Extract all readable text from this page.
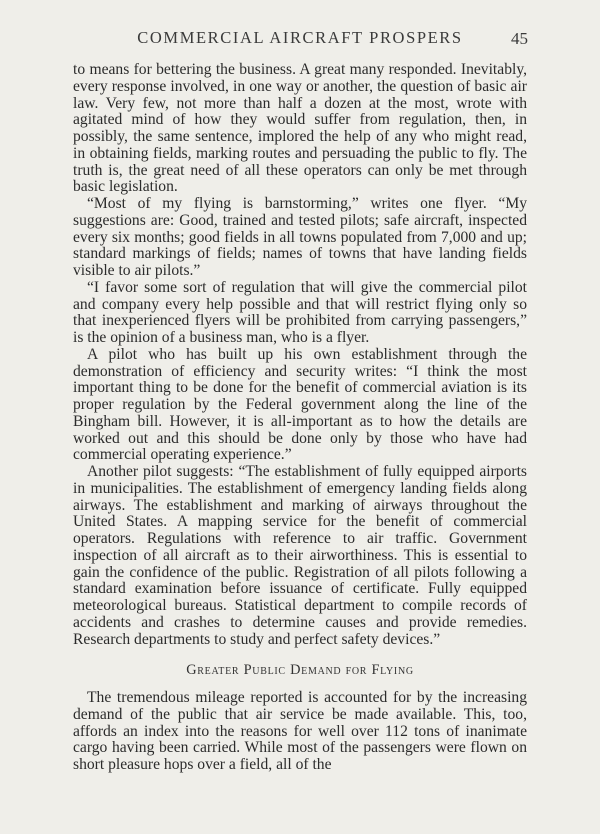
COMMERCIAL AIRCRAFT PROSPERS	45

to means for bettering the business. A great many responded. Inevitably, every response involved, in one way or another, the question of basic air law. Very few, not more than half a dozen at the most, wrote with agitated mind of how they would suffer from regulation, then, in possibly, the same sentence, implored the help of any who might read, in obtaining fields, marking routes and persuading the public to fly. The truth is, the great need of all these operators can only be met through basic legislation.

“Most of my flying is barnstorming,” writes one flyer. “My suggestions are: Good, trained and tested pilots; safe aircraft, inspected every six months; good fields in all towns populated from 7,000 and up; standard markings of fields; names of towns that have landing fields visible to air pilots.”

“I favor some sort of regulation that will give the commercial pilot and company every help possible and that will restrict flying only so that inexperienced flyers will be prohibited from carrying passengers,” is the opinion of a business man, who is a flyer.

A pilot who has built up his own establishment through the demonstration of efficiency and security writes: “I think the most important thing to be done for the benefit of commercial aviation is its proper regulation by the Federal government along the line of the Bingham bill. However, it is all-important as to how the details are worked out and this should be done only by those who have had commercial operating experience.”

Another pilot suggests: “The establishment of fully equipped airports in municipalities. The establishment of emergency landing fields along airways. The establishment and marking of airways throughout the United States. A mapping service for the benefit of commercial operators. Regulations with reference to air traffic. Government inspection of all aircraft as to their airworthiness. This is essential to gain the confidence of the public. Registration of all pilots following a standard examination before issuance of certificate. Fully equipped meteorological bureaus. Statistical department to compile records of accidents and crashes to determine causes and provide remedies. Research departments to study and perfect safety devices.”

Greater Public Demand for Flying

The tremendous mileage reported is accounted for by the increasing demand of the public that air service be made available. This, too, affords an index into the reasons for well over 112 tons of inanimate cargo having been carried. While most of the passengers were flown on short pleasure hops over a field, all of the
